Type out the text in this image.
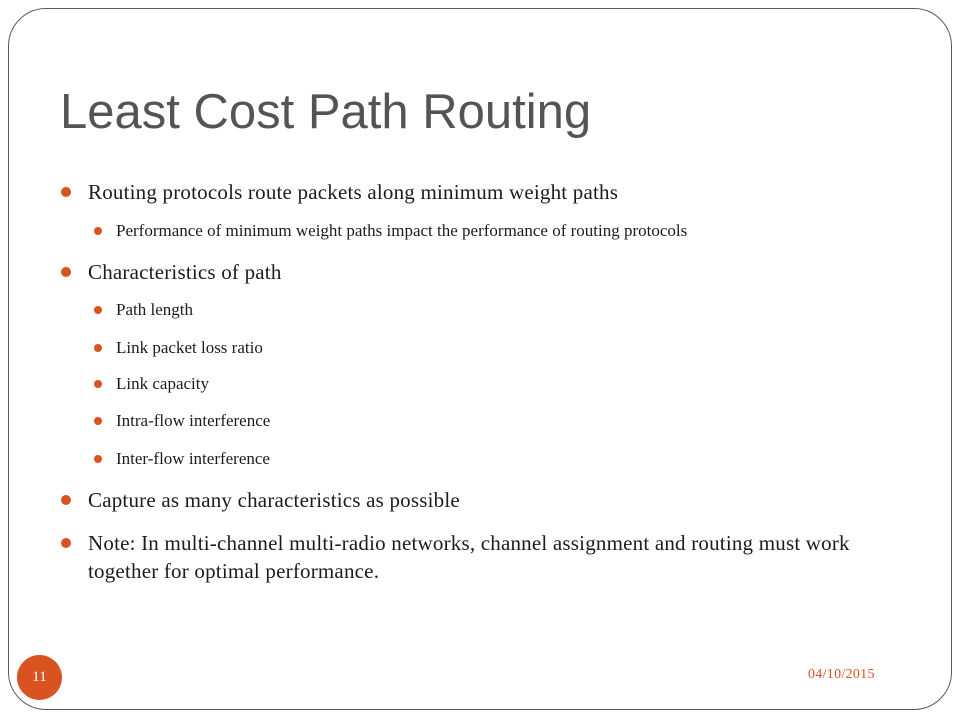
Least Cost Path Routing
Routing protocols route packets along minimum weight paths
Performance of minimum weight paths impact the performance of routing protocols
Characteristics of path
Path length
Link packet loss ratio
Link capacity
Intra-flow interference
Inter-flow interference
Capture as many characteristics as possible
Note: In multi-channel multi-radio networks, channel assignment and routing must work together for optimal performance.
11	04/10/2015
